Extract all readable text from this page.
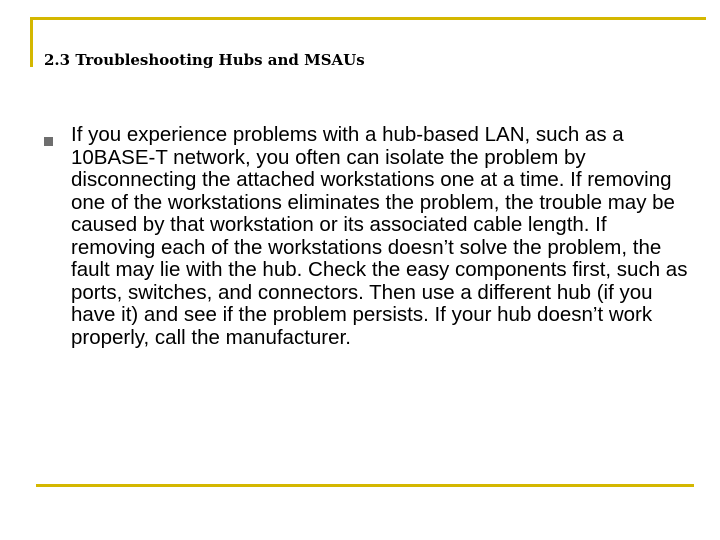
2.3 Troubleshooting Hubs and MSAUs

If you experience problems with a hub-based LAN, such as a 10BASE-T network, you often can isolate the problem by disconnecting the attached workstations one at a time. If removing one of the workstations eliminates the problem, the trouble may be caused by that workstation or its associated cable length. If removing each of the workstations doesn’t solve the problem, the fault may lie with the hub. Check the easy components first, such as ports, switches, and connectors. Then use a different hub (if you have it) and see if the problem persists. If your hub doesn’t work properly, call the manufacturer.
